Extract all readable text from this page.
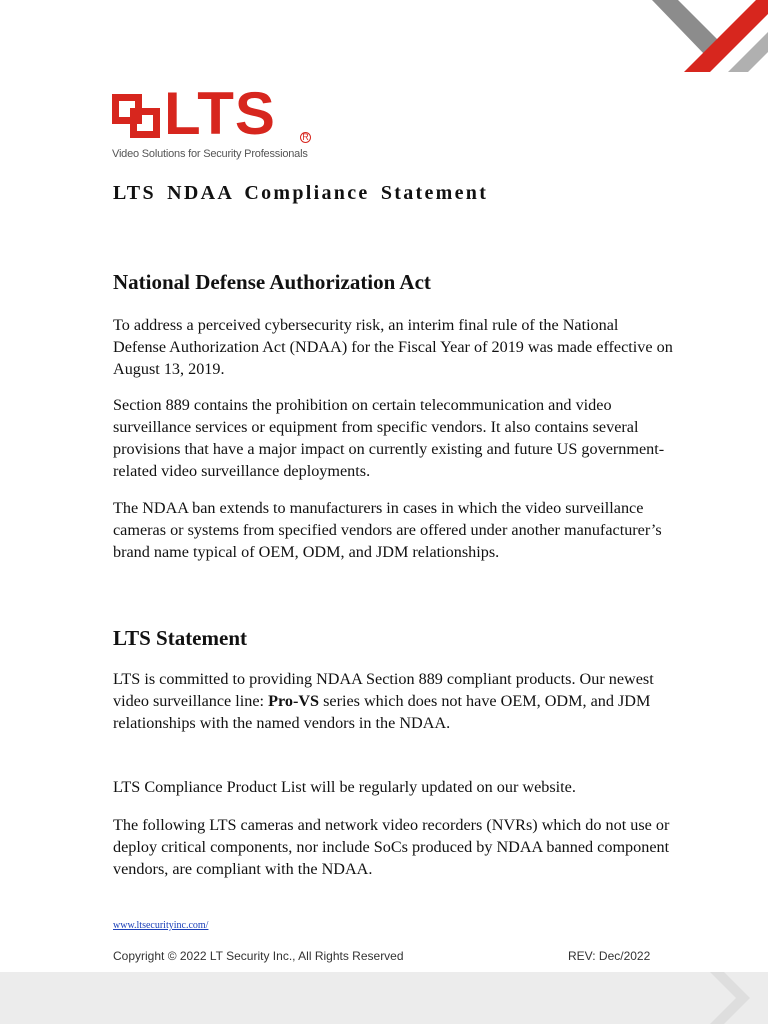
LTS	R
Video Solutions for Security Professionals
LTS NDAA Compliance Statement
National Defense Authorization Act

To address a perceived cybersecurity risk, an interim final rule of the National Defense Authorization Act (NDAA) for the Fiscal Year of 2019 was made effective on August 13, 2019.

Section 889 contains the prohibition on certain telecommunication and video surveillance services or equipment from specific vendors. It also contains several provisions that have a major impact on currently existing and future US government-related video surveillance deployments.

The NDAA ban extends to manufacturers in cases in which the video surveillance cameras or systems from specified vendors are offered under another manufacturer’s brand name typical of OEM, ODM, and JDM relationships.

LTS Statement

LTS is committed to providing NDAA Section 889 compliant products. Our newest video surveillance line: Pro-VS series which does not have OEM, ODM, and JDM relationships with the named vendors in the NDAA.

LTS Compliance Product List will be regularly updated on our website.

The following LTS cameras and network video recorders (NVRs) which do not use or deploy critical components, nor include SoCs produced by NDAA banned component vendors, are compliant with the NDAA.

www.ltsecurityinc.com/
Copyright © 2022 LT Security Inc., All Rights Reserved	REV: Dec/2022
